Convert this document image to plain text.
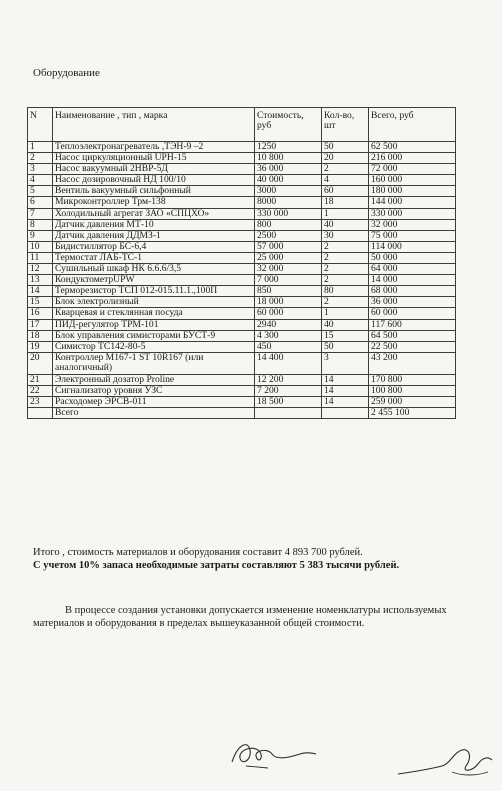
Оборудование

N	Наименование , тип , марка	Стоимость, руб	Кол-во, шт	Всего, руб
1	Теплоэлектронагреватель ,ТЭН-9 –2	1250	50	62 500
2	Насос циркуляционный UPH-15	10 800	20	216 000
3	Насос вакуумный 2НВР-5Д	36 000	2	72 000
4	Насос дозировочный НД 100/10	40 000	4	160 000
5	Вентиль вакуумный сильфонный	3000	60	180 000
6	Микроконтроллер Трм-138	8000	18	144 000
7	Холодильный агрегат ЗАО «СПЦХО»	330 000	1	330 000
8	Датчик давления МТ-10	800	40	32 000
9	Датчик давления ДДМЗ-1	2500	30	75 000
10	Бидистиллятор БС-6,4	57 000	2	114 000
11	Термостат ЛАБ-ТС-1	25 000	2	50 000
12	Сушильный шкаф НК 6.6.6/3,5	32 000	2	64 000
13	КондуктометрUPW	7 000	2	14 000
14	Терморезистор ТСП 012-015.11.1.,100П	850	80	68 000
15	Блок электролизный	18 000	2	36 000
16	Кварцевая и стеклянная посуда	60 000	1	60 000
17	ПИД-регулятор ТРМ-101	2940	40	117 600
18	Блок управления симисторами БУСТ-9	4 300	15	64 500
19	Симистор ТС142-80-5	450	50	22 500
20	Контроллер М167-1 ST 10R167 (или аналогичный)	14 400	3	43 200
21	Электронный дозатор Proline	12 200	14	170 800
22	Сигнализатор уровня УЗС	7 200	14	100 800
23	Расходомер ЭРСВ-011	18 500	14	259 000
	Всего			2 455 100

Итого , стоимость материалов и оборудования составит 4 893 700 рублей.
С учетом 10% запаса необходимые затраты составляют 5 383 тысячи рублей.

В процессе создания установки допускается изменение номенклатуры используемых материалов и оборудования в пределах вышеуказанной общей стоимости.
